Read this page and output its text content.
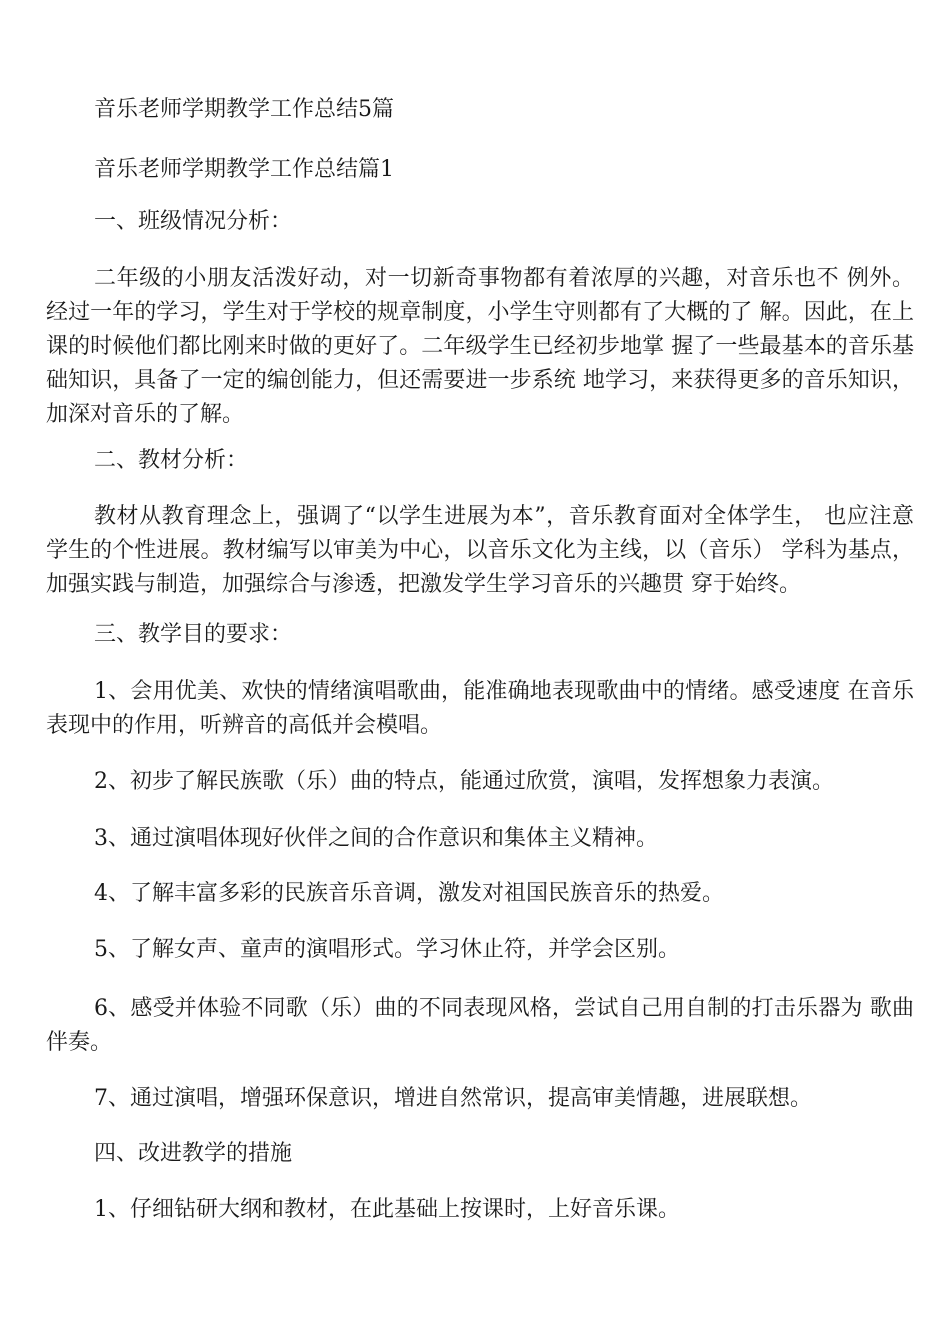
音乐老师学期教学工作总结5篇

音乐老师学期教学工作总结篇1

一、班级情况分析：

二年级的小朋友活泼好动，对一切新奇事物都有着浓厚的兴趣，对音乐也不 例外。经过一年的学习，学生对于学校的规章制度，小学生守则都有了大概的了 解。因此，在上课的时候他们都比刚来时做的更好了。二年级学生已经初步地掌 握了一些最基本的音乐基础知识，具备了一定的编创能力，但还需要进一步系统 地学习，来获得更多的音乐知识，加深对音乐的了解。

二、教材分析：

教材从教育理念上，强调了“以学生进展为本”，音乐教育面对全体学生， 也应注意学生的个性进展。教材编写以审美为中心，以音乐文化为主线，以（音乐） 学科为基点，加强实践与制造，加强综合与渗透，把激发学生学习音乐的兴趣贯 穿于始终。

三、教学目的要求：

1、会用优美、欢快的情绪演唱歌曲，能准确地表现歌曲中的情绪。感受速度 在音乐表现中的作用，听辨音的高低并会模唱。

2、初步了解民族歌（乐）曲的特点，能通过欣赏，演唱，发挥想象力表演。

3、通过演唱体现好伙伴之间的合作意识和集体主义精神。

4、了解丰富多彩的民族音乐音调，激发对祖国民族音乐的热爱。

5、了解女声、童声的演唱形式。学习休止符，并学会区别。

6、感受并体验不同歌（乐）曲的不同表现风格，尝试自己用自制的打击乐器为 歌曲伴奏。

7、通过演唱，增强环保意识，增进自然常识，提高审美情趣，进展联想。

四、改进教学的措施

1、仔细钻研大纲和教材，在此基础上按课时，上好音乐课。
